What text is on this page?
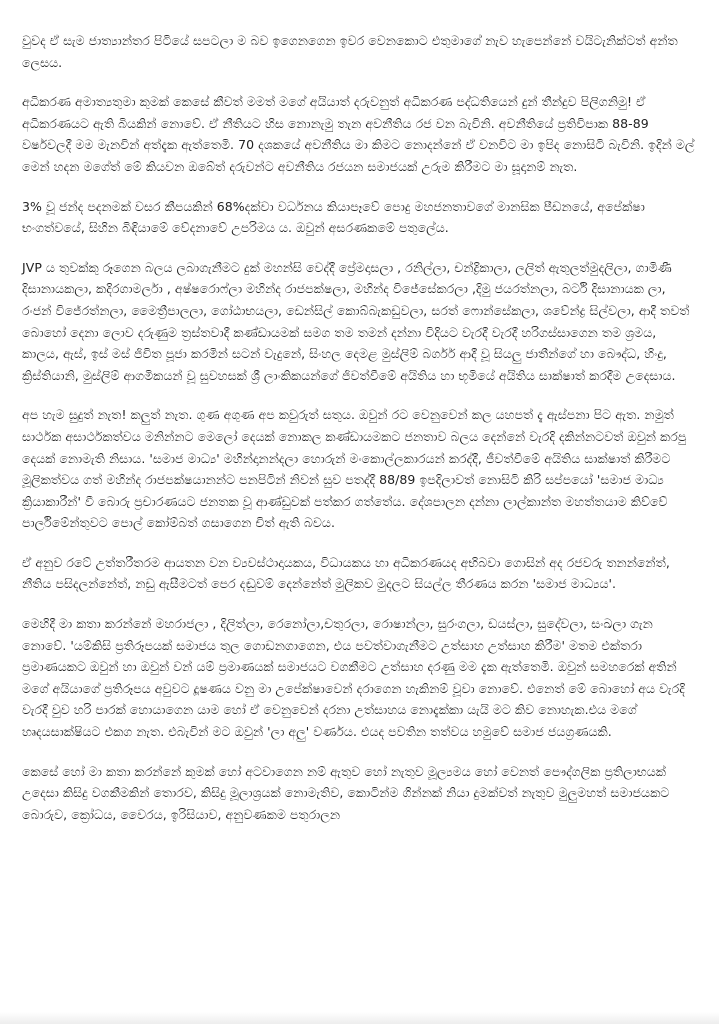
වුවද ඒ සැම ජාත්‍යාන්තර පිටියේ සපටලා ම බව ඉගෙනගෙන ඉවර වෙනකොට එතුමාගේ නැව හැපෙන්නේ වයිටැනික්ටත් අන්ත ලෙසය.

අධිකරණ අමාත්‍යතුමා කුමක් කෙසේ කීවත් මමත් මගේ අයියාත් දරුවනුත් අධිකරණ පද්ධතියෙන් දුන් තීන්දුව පිලිගනිමු! ඒ අධිකරණයට ඇති බියකින් නොවේ. ඒ නීතියට හිස නොනැමු තැන අවනීතිය රජ වන බැවිනි. අවනීතියේ ප්‍රතිවිපාක 88-89 වර්ෂවලදී මම මැනවින් අත්දැක ඇත්තෙමි. 70 දශකයේ අවනීතිය මා කිමට නොදන්නේ ඒ වනවිට මා ඉපිද නොසිටි බැවිනි. ඉදින් මල් මෙන් හදන මගේත් මේ කියවන ඔබේත් දරුවන්ට අවනීතිය රජයන සමාජයක් උරුම කිරීමට මා සූදානම් නැත.

3% වූ ජන්ද පදනමක් වසර කීපයකින් 68%දක්වා වර්ධනය කියාපෑවේ පොදු මහජනතාවගේ මානසික පීඩනයේ, අපේක්ෂා භංගත්වයේ, සිහින බිඳියාමේ වේදනාවේ උපරිමය ය. ඔවුන් අසරණකමේ පතුලේය.

JVP ය තුවක්කු රූගෙන බලය ලබාගැනීමට දුක් මහන්සි වෙද්දී ප්‍රේමදාසලා , රනිල්ලා, චන්ද්‍රිකාලා, ලලිත් ඇතුලත්මුදලිලා, ගාමිණී දිසානායකලා, කදිරගාමර්ලා , අෂ්ෂරොෆ්ලා මහින්ද රාජපක්ෂලා, මහින්ද විජේසේකරලා ,දිමු ජයරත්නලා, බර්ටි දිසානායක ලා, රංජන් විජේරත්නලා, මෛත්‍රීපාලලා, ගෝඨාභයලා, ඩෙන්සිල් කොබ්බැකඩුවලා, සරත් ෆොන්සේකලා, ශවේන්ද්‍ර සිල්වලා, ආදී තවත් බොහෝ දෙනා ලොව දරුණුම ත්‍රස්තවාදී කණ්ඩායමක් සමග තම තමන් දන්නා විදියට වැරදී වැරදී හරිගස්සාගෙන තම ශ්‍රමය, කාලය, ඇස්, ඉස් මස් ජිවිත පූජා කරමින් සටන් වැදුනේ, සිංහල දෙමළ මුස්ලිම් බර්ගර් ආදී වූ සියලු ජාතීන්ගේ හා බෞද්ධ, හිංදු, ක්‍රිස්තියානි, මුස්ලිම් ආගමිකයන් වූ සුවහසක් ශ්‍රී ලාංකිකයන්ගේ ජිවත්වීමේ අයිතිය හා භූමියේ අයිතිය සාක්ෂාත් කරදීම උදෙසාය.

අප හැම සුදුත් නැත! කලුත් නැත. ගුණ අගුණ අප කවුරුත් සතුය. ඔවුන් රට වෙනුවෙන් කල යහපත් දැ ඇස්පනා පිට ඇත. නමුත් සාර්ථක අසාර්ථකත්වය මනින්නට මෙලෝ දෙයක් නොකල කණ්ඩායමකට ජනතාව බලය දෙන්නේ වැරදි දකින්නටවත් ඔවුන් කරපු දෙයක් නොමැති නිසාය. 'සමාජ මාධ්‍ය' මහින්දානන්දලා හොරුන් මංකොල්ලකාරයන් කරද්දී, ජීවත්වීමේ අයිතිය සාක්ෂාත් කිරීමට මූලිකත්වය ගත් මහින්ද රාජපක්ෂයානන්ට පනපිටින් නිවන් සුව පතද්දී 88/89 ඉපදිලාවත් නොසිටි කිරි සප්පයෝ 'සමාජ මාධ්‍ය ක්‍රියාකාරීන්' වී බොරු ප්‍රචාරණයට ජනතක වූ ආණ්ඩුවක් පත්කර ගත්තේය. දේශපාලන දන්නා ලාල්කාන්ත මහත්තයාම කිව්වේ පාර්ලිමේන්තුවට පොල් කෝම්බත් ගසාගෙන චිත් ඇති බවය.

ඒ අනුව රටේ උත්තරීතරම ආයතන වන ව්‍යවස්ථාදායකය, විධායකය හා අධිකරණයද අභිබවා ගොසින් අද රජවරු තනන්නේත්, නීතිය පසිදලන්නේත්, නඩු ඇසීමටත් පෙර දඬුවම් දෙන්නේත් මුලිකව මුදලට සියල්ල තීරණය කරන 'සමාජ මාධ්‍යය'.

මෙහිදී මා කතා කරන්නේ මහරාජලා , දිලිත්ලා, රෙනෝලා,චතුරලා, රොෂාන්ලා, සුරංගලා, ඩයස්ලා, සුදේවලා, සංඛලා ගැන නොවේ. 'යම්කිසි ප්‍රතිරූපයක් සමාජය තුල ගොඩනගාගෙන, එය පවත්වාගැනීමට උත්සාහ උත්සාහ කිරීම' මතම එක්තරා ප්‍රමාණයකට ඔවුන් හා ඔවුන් වන් යම් ප්‍රමාණයක් සමාජයට වගකීමට උත්සාහ දරණු මම දැක ඇත්තෙමි. ඔවුන් සමහරෙක් අතින් මගේ අයියාගේ ප්‍රතිරූපය අවුවට දූෂණය වනු මා උපේක්ෂාවෙන් දරාගෙන හැකිනම් වූවා නොවේ. එනෙත් මේ බොහෝ අය වැරදි වැරදී වුව හරි පාරක් හොයාගෙන යාම හෝ ඒ වෙනුවෙන් දරනා උත්සාහය නොදැක්කා යැයි මට කිව නොහැක.එය මගේ හෘදයසාක්ෂියට එකග නැත. එබැවින් මට ඔවුන් 'ලා අලු' වර්ණය. එයද පවතින තත්වය හමුවේ සමාජ ජයග්‍රණයකි.

කෙසේ හෝ මා කතා කරන්නේ කුමක් හෝ අටවාගෙන නම් ඇතුව හෝ නැතුව මූල්‍යමය හෝ වෙනත් පෞද්ගලික ප්‍රතිලාභයක් උදෙසා කිසිදු වගකීමකින් තොරව, කිසිදු මූලාශ්‍රයක් නොමැතිව, කොටින්ම ගින්නක් නියා දුමක්වත් නැතුව මුලුමහත් සමාජයකට බොරුව, ක්‍රෝධය, වෛරය, ඉරිසියාව, අනුවණකම පතුරාලන
